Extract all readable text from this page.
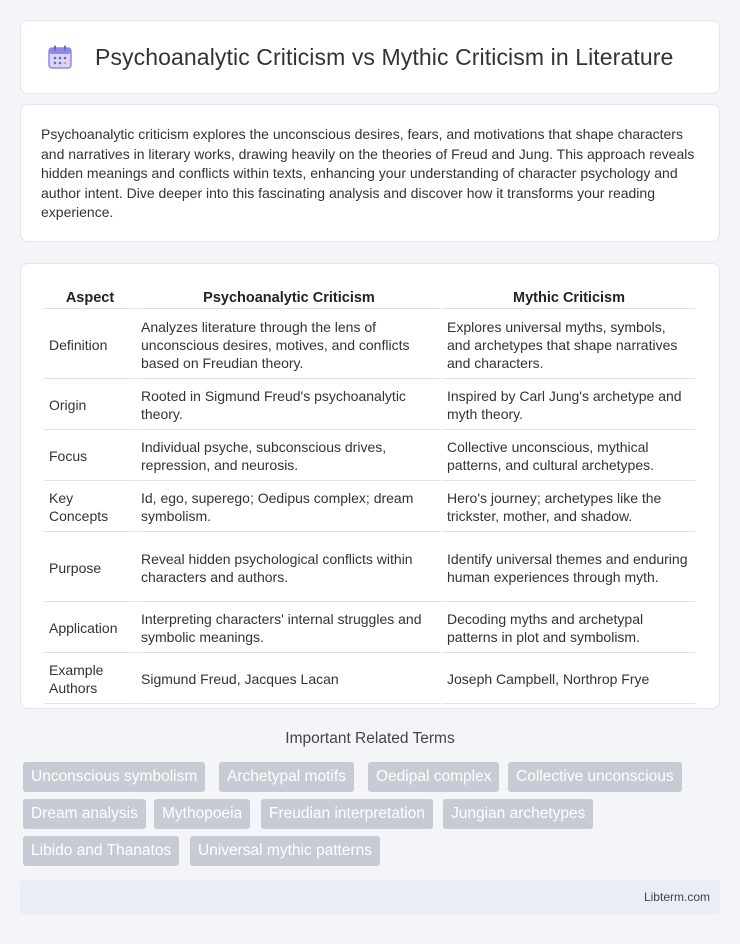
Psychoanalytic Criticism vs Mythic Criticism in Literature

Psychoanalytic criticism explores the unconscious desires, fears, and motivations that shape characters and narratives in literary works, drawing heavily on the theories of Freud and Jung. This approach reveals hidden meanings and conflicts within texts, enhancing your understanding of character psychology and author intent. Dive deeper into this fascinating analysis and discover how it transforms your reading experience.

Aspect	Psychoanalytic Criticism	Mythic Criticism
Definition	Analyzes literature through the lens of unconscious desires, motives, and conflicts based on Freudian theory.	Explores universal myths, symbols, and archetypes that shape narratives and characters.
Origin	Rooted in Sigmund Freud's psychoanalytic theory.	Inspired by Carl Jung's archetype and myth theory.
Focus	Individual psyche, subconscious drives, repression, and neurosis.	Collective unconscious, mythical patterns, and cultural archetypes.
Key Concepts	Id, ego, superego; Oedipus complex; dream symbolism.	Hero's journey; archetypes like the trickster, mother, and shadow.
Purpose	Reveal hidden psychological conflicts within characters and authors.	Identify universal themes and enduring human experiences through myth.
Application	Interpreting characters' internal struggles and symbolic meanings.	Decoding myths and archetypal patterns in plot and symbolism.
Example Authors	Sigmund Freud, Jacques Lacan	Joseph Campbell, Northrop Frye
Important Related Terms
Unconscious symbolism	Archetypal motifs	Oedipal complex	Collective unconscious
Dream analysis	Mythopoeia	Freudian interpretation	Jungian archetypes
Libido and Thanatos	Universal mythic patterns
Libterm.com
